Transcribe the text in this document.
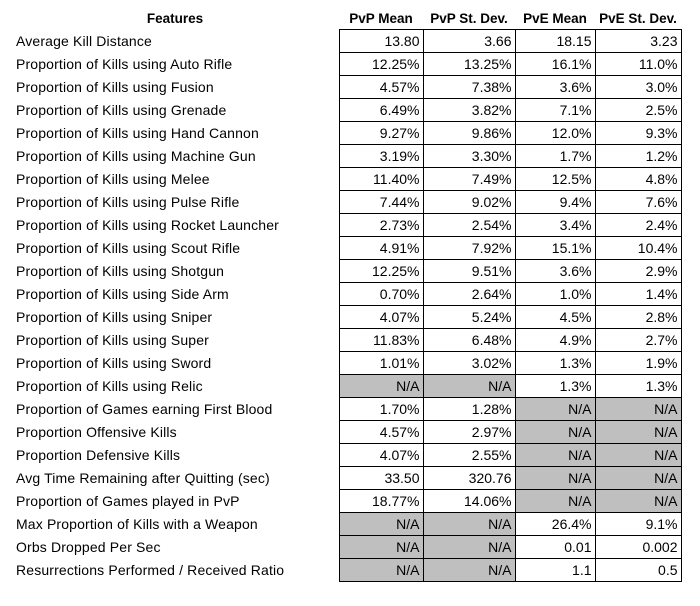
Features	PvP Mean	PvP St. Dev.	PvE Mean	PvE St. Dev.
Average Kill Distance	13.80	3.66	18.15	3.23
Proportion of Kills using Auto Rifle	12.25%	13.25%	16.1%	11.0%
Proportion of Kills using Fusion	4.57%	7.38%	3.6%	3.0%
Proportion of Kills using Grenade	6.49%	3.82%	7.1%	2.5%
Proportion of Kills using Hand Cannon	9.27%	9.86%	12.0%	9.3%
Proportion of Kills using Machine Gun	3.19%	3.30%	1.7%	1.2%
Proportion of Kills using Melee	11.40%	7.49%	12.5%	4.8%
Proportion of Kills using Pulse Rifle	7.44%	9.02%	9.4%	7.6%
Proportion of Kills using Rocket Launcher	2.73%	2.54%	3.4%	2.4%
Proportion of Kills using Scout Rifle	4.91%	7.92%	15.1%	10.4%
Proportion of Kills using Shotgun	12.25%	9.51%	3.6%	2.9%
Proportion of Kills using Side Arm	0.70%	2.64%	1.0%	1.4%
Proportion of Kills using Sniper	4.07%	5.24%	4.5%	2.8%
Proportion of Kills using Super	11.83%	6.48%	4.9%	2.7%
Proportion of Kills using Sword	1.01%	3.02%	1.3%	1.9%
Proportion of Kills using Relic	N/A	N/A	1.3%	1.3%
Proportion of Games earning First Blood	1.70%	1.28%	N/A	N/A
Proportion Offensive Kills	4.57%	2.97%	N/A	N/A
Proportion Defensive Kills	4.07%	2.55%	N/A	N/A
Avg Time Remaining after Quitting (sec)	33.50	320.76	N/A	N/A
Proportion of Games played in PvP	18.77%	14.06%	N/A	N/A
Max Proportion of Kills with a Weapon	N/A	N/A	26.4%	9.1%
Orbs Dropped Per Sec	N/A	N/A	0.01	0.002
Resurrections Performed / Received Ratio	N/A	N/A	1.1	0.5
